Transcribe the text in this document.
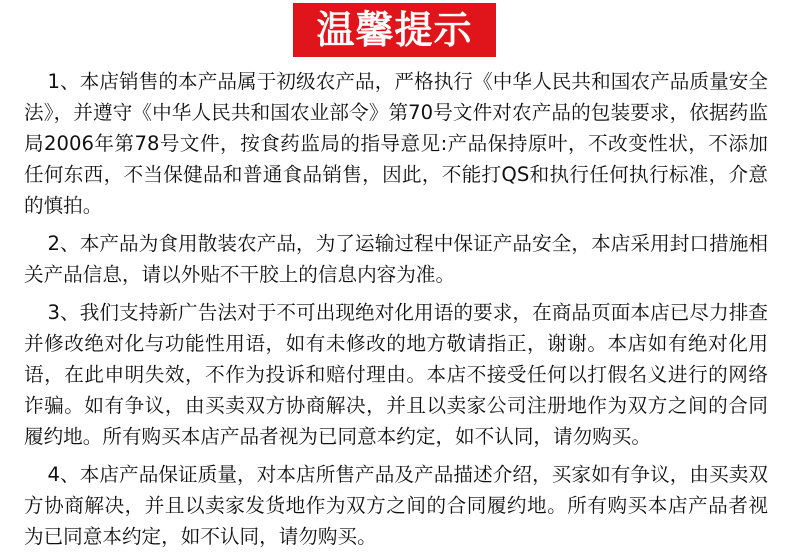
温馨提示

1、本店销售的本产品属于初级农产品，严格执行《中华人民共和国农产品质量安全法》，并遵守《中华人民共和国农业部令》第70号文件对农产品的包装要求，依据药监局2006年第78号文件，按食药监局的指导意见:产品保持原叶，不改变性状，不添加任何东西，不当保健品和普通食品销售，因此，不能打QS和执行任何执行标准，介意的慎拍。

2、本产品为食用散装农产品，为了运输过程中保证产品安全，本店采用封口措施相关产品信息，请以外贴不干胶上的信息内容为准。

3、我们支持新广告法对于不可出现绝对化用语的要求，在商品页面本店已尽力排查并修改绝对化与功能性用语，如有未修改的地方敬请指正，谢谢。本店如有绝对化用语，在此申明失效，不作为投诉和赔付理由。本店不接受任何以打假名义进行的网络诈骗。如有争议，由买卖双方协商解决，并且以卖家公司注册地作为双方之间的合同履约地。所有购买本店产品者视为已同意本约定，如不认同，请勿购买。

4、本店产品保证质量，对本店所售产品及产品描述介绍，买家如有争议，由买卖双方协商解决，并且以卖家发货地作为双方之间的合同履约地。所有购买本店产品者视为已同意本约定，如不认同，请勿购买。
